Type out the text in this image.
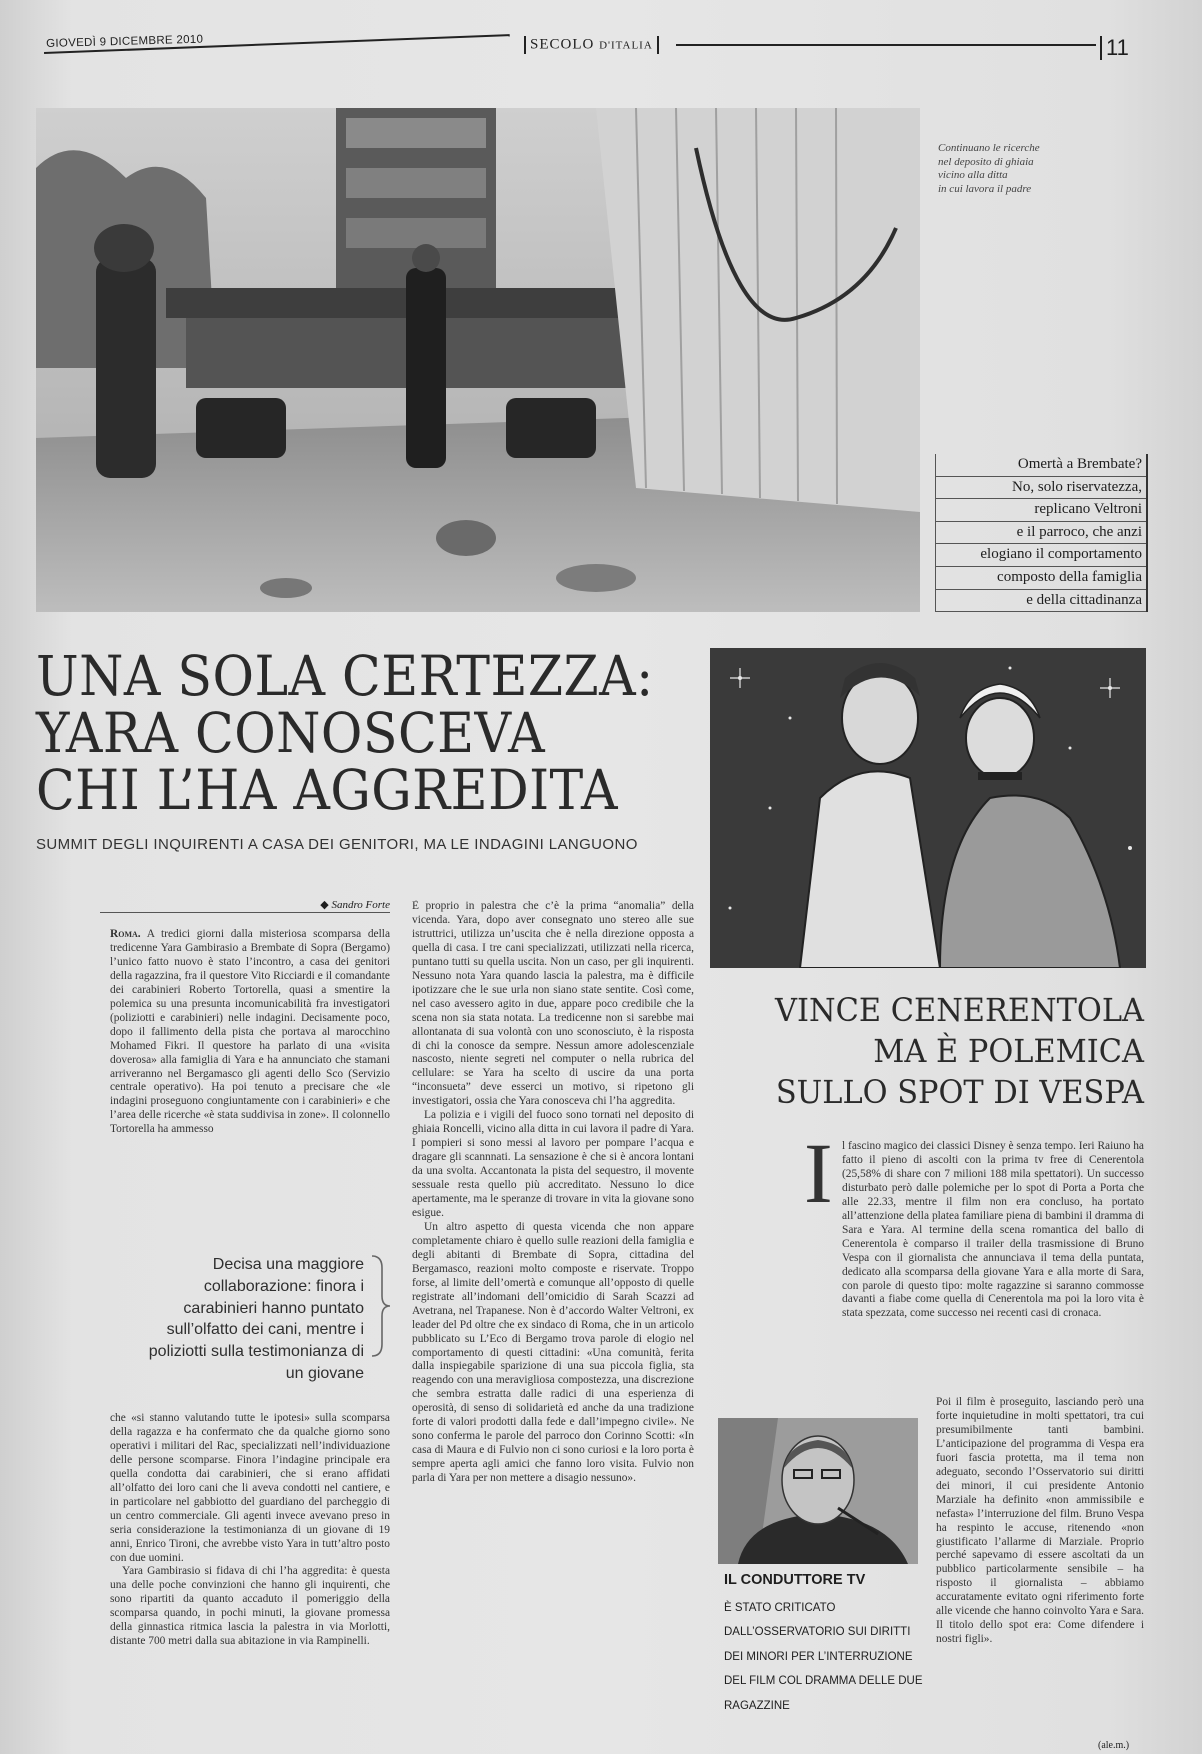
GIOVEDÌ 9 DICEMBRE 2010	SECOLO D'ITALIA	11
Continuano le ricerche
nel deposito di ghiaia
vicino alla ditta
in cui lavora il padre
Omertà a Brembate?
No, solo riservatezza,
replicano Veltroni
e il parroco, che anzi
elogiano il comportamento
composto della famiglia
e della cittadinanza
UNA SOLA CERTEZZA:
YARA CONOSCEVA
CHI L’HA AGGREDITA
SUMMIT DEGLI INQUIRENTI A CASA DEI GENITORI, MA LE INDAGINI LANGUONO
◆ Sandro Forte

Roma. A tredici giorni dalla misteriosa scomparsa della tredicenne Yara Gambirasio a Brembate di Sopra (Bergamo) l’unico fatto nuovo è stato l’incontro, a casa dei genitori della ragazzina, fra il questore Vito Ricciardi e il comandante dei carabinieri Roberto Tortorella, quasi a smentire la polemica su una presunta incomunicabilità fra investigatori (poliziotti e carabinieri) nelle indagini. Decisamente poco, dopo il fallimento della pista che portava al marocchino Mohamed Fikri. Il questore ha parlato di una «visita doverosa» alla famiglia di Yara e ha annunciato che stamani arriveranno nel Bergamasco gli agenti dello Sco (Servizio centrale operativo). Ha poi tenuto a precisare che «le indagini proseguono congiuntamente con i carabinieri» e che l’area delle ricerche «è stata suddivisa in zone». Il colonnello Tortorella ha ammesso

Decisa una maggiore collaborazione: finora i carabinieri hanno puntato sull’olfatto dei cani, mentre i poliziotti sulla testimonianza di un giovane

che «si stanno valutando tutte le ipotesi» sulla scomparsa della ragazza e ha confermato che da qualche giorno sono operativi i militari del Rac, specializzati nell’individuazione delle persone scomparse. Finora l’indagine principale era quella condotta dai carabinieri, che si erano affidati all’olfatto dei loro cani che li aveva condotti nel cantiere, e in particolare nel gabbiotto del guardiano del parcheggio di un centro commerciale. Gli agenti invece avevano preso in seria considerazione la testimonianza di un giovane di 19 anni, Enrico Tironi, che avrebbe visto Yara in tutt’altro posto con due uomini.

Yara Gambirasio si fidava di chi l’ha aggredita: è questa una delle poche convinzioni che hanno gli inquirenti, che sono ripartiti da quanto accaduto il pomeriggio della scomparsa quando, in pochi minuti, la giovane promessa della ginnastica ritmica lascia la palestra in via Morlotti, distante 700 metri dalla sua abitazione in via Rampinelli.

È proprio in palestra che c’è la prima “anomalia” della vicenda. Yara, dopo aver consegnato uno stereo alle sue istruttrici, utilizza un’uscita che è nella direzione opposta a quella di casa. I tre cani specializzati, utilizzati nella ricerca, puntano tutti su quella uscita. Non un caso, per gli inquirenti. Nessuno nota Yara quando lascia la palestra, ma è difficile ipotizzare che le sue urla non siano state sentite. Così come, nel caso avessero agito in due, appare poco credibile che la scena non sia stata notata. La tredicenne non si sarebbe mai allontanata di sua volontà con uno sconosciuto, è la risposta di chi la conosce da sempre. Nessun amore adolescenziale nascosto, niente segreti nel computer o nella rubrica del cellulare: se Yara ha scelto di uscire da una porta “inconsueta” deve esserci un motivo, si ripetono gli investigatori, ossia che Yara conosceva chi l’ha aggredita.

La polizia e i vigili del fuoco sono tornati nel deposito di ghiaia Roncelli, vicino alla ditta in cui lavora il padre di Yara. I pompieri si sono messi al lavoro per pompare l’acqua e dragare gli scannnati. La sensazione è che si è ancora lontani da una svolta. Accantonata la pista del sequestro, il movente sessuale resta quello più accreditato. Nessuno lo dice apertamente, ma le speranze di trovare in vita la giovane sono esigue.

Un altro aspetto di questa vicenda che non appare completamente chiaro è quello sulle reazioni della famiglia e degli abitanti di Brembate di Sopra, cittadina del Bergamasco, reazioni molto composte e riservate. Troppo forse, al limite dell’omertà e comunque all’opposto di quelle registrate all’indomani dell’omicidio di Sarah Scazzi ad Avetrana, nel Trapanese. Non è d’accordo Walter Veltroni, ex leader del Pd oltre che ex sindaco di Roma, che in un articolo pubblicato su L’Eco di Bergamo trova parole di elogio nel comportamento di questi cittadini: «Una comunità, ferita dalla inspiegabile sparizione di una sua piccola figlia, sta reagendo con una meravigliosa compostezza, una discrezione che sembra estratta dalle radici di una esperienza di operosità, di senso di solidarietà ed anche da una tradizione forte di valori prodotti dalla fede e dall’impegno civile». Ne sono conferma le parole del parroco don Corinno Scotti: «In casa di Maura e di Fulvio non ci sono curiosi e la loro porta è sempre aperta agli amici che fanno loro visita. Fulvio non parla di Yara per non mettere a disagio nessuno».

VINCE CENERENTOLA
MA È POLEMICA
SULLO SPOT DI VESPA
I l fascino magico dei classici Disney è senza tempo. Ieri Raiuno ha fatto il pieno di ascolti con la prima tv free di Cenerentola (25,58% di share con 7 milioni 188 mila spettatori). Un successo disturbato però dalle polemiche per lo spot di Porta a Porta che alle 22.33, mentre il film non era concluso, ha portato all’attenzione della platea familiare piena di bambini il dramma di Sara e Yara. Al termine della scena romantica del ballo di Cenerentola è comparso il trailer della trasmissione di Bruno Vespa con il giornalista che annunciava il tema della puntata, dedicato alla scomparsa della giovane Yara e alla morte di Sara, con parole di questo tipo: molte ragazzine si saranno commosse davanti a fiabe come quella di Cenerentola ma poi la loro vita è stata spezzata, come successo nei recenti casi di cronaca.

Poi il film è proseguito, lasciando però una forte inquietudine in molti spettatori, tra cui presumibilmente tanti bambini. L’anticipazione del programma di Vespa era fuori fascia protetta, ma il tema non adeguato, secondo l’Osservatorio sui diritti dei minori, il cui presidente Antonio Marziale ha definito «non ammissibile e nefasta» l’interruzione del film. Bruno Vespa ha respinto le accuse, ritenendo «non giustificato l’allarme di Marziale. Proprio perché sapevamo di essere ascoltati da un pubblico particolarmente sensibile – ha risposto il giornalista – abbiamo accuratamente evitato ogni riferimento forte alle vicende che hanno coinvolto Yara e Sara. Il titolo dello spot era: Come difendere i nostri figli».

(ale.m.)
IL CONDUTTORE TV
È STATO CRITICATO DALL’OSSERVATORIO SUI DIRITTI DEI MINORI PER L’INTERRUZIONE DEL FILM COL DRAMMA DELLE DUE RAGAZZINE
